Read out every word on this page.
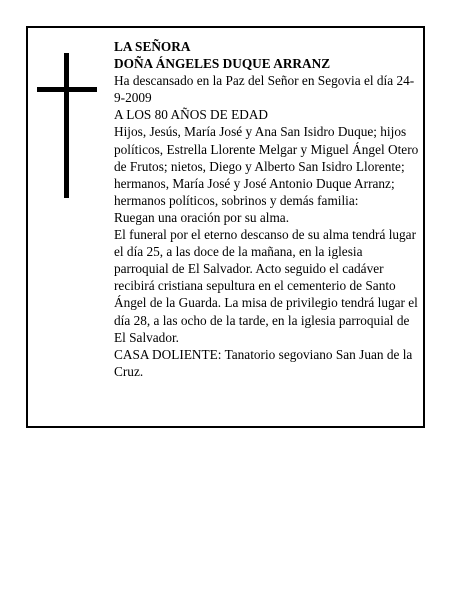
LA SEÑORA

DOÑA ÁNGELES DUQUE ARRANZ

Ha descansado en la Paz del Señor en Segovia el día 24-9-2009

A LOS 80 AÑOS DE EDAD

Hijos, Jesús, María José y Ana San Isidro Duque; hijos políticos, Estrella Llorente Melgar y Miguel Ángel Otero de Frutos; nietos, Diego y Alberto San Isidro Llorente; hermanos, María José y José Antonio Duque Arranz; hermanos políticos, sobrinos y demás familia:

Ruegan una oración por su alma.

El funeral por el eterno descanso de su alma tendrá lugar el día 25, a las doce de la mañana, en la iglesia parroquial de El Salvador. Acto seguido el cadáver recibirá cristiana sepultura en el cementerio de Santo Ángel de la Guarda. La misa de privilegio tendrá lugar el día 28, a las ocho de la tarde, en la iglesia parroquial de El Salvador.

CASA DOLIENTE: Tanatorio segoviano San Juan de la Cruz.
